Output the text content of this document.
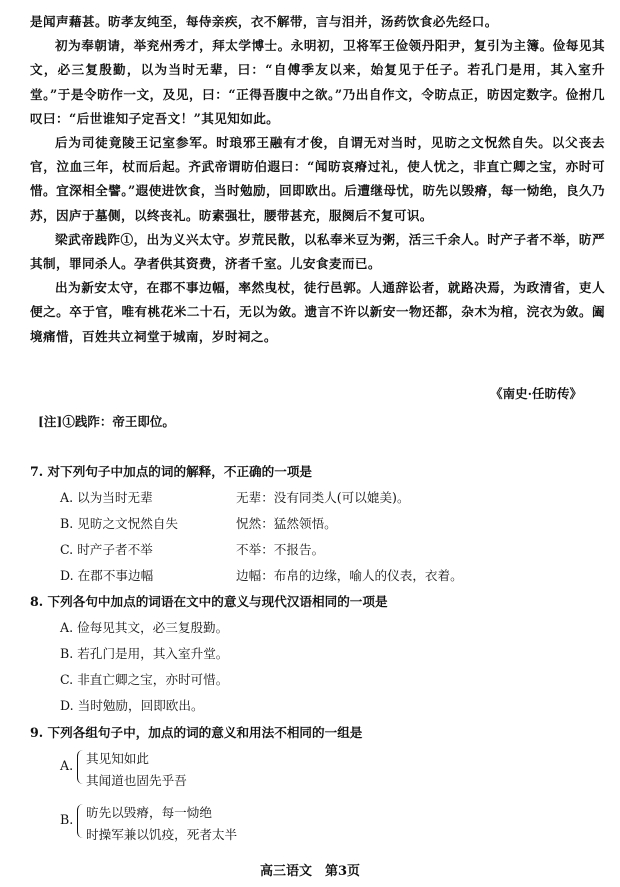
是闻声藉甚。昉孝友纯至，每侍亲疾，衣不解带，言与泪并，汤药饮食必先经口。

初为奉朝请，举兖州秀才，拜太学博士。永明初，卫将军王俭领丹阳尹，复引为主簿。俭每见其文，必三复殷勤，以为当时无辈，曰：“自傅季友以来，始复见于任子。若孔门是用，其入室升堂。”于是令昉作一文，及见，曰：“正得吾腹中之欲。”乃出自作文，令昉点正，昉因定数字。俭拊几叹曰：“后世谁知子定吾文！”其见知如此。

后为司徒竟陵王记室参军。时琅邪王融有才俊，自谓无对当时，见昉之文怳然自失。以父丧去官，泣血三年，杖而后起。齐武帝谓昉伯遐曰：“闻昉哀瘠过礼，使人忧之，非直亡卿之宝，亦时可惜。宜深相全譬。”遐使进饮食，当时勉励，回即欧出。后遭继母忧，昉先以毁瘠，每一恸绝，良久乃苏，因庐于墓侧，以终丧礼。昉素强壮，腰带甚充，服阕后不复可识。

梁武帝践阼①，出为义兴太守。岁荒民散，以私奉米豆为粥，活三千余人。时产子者不举，昉严其制，罪同杀人。孕者供其资费，济者千室。儿安食麦而已。

出为新安太守，在郡不事边幅，率然曳杖，徒行邑郭。人通辞讼者，就路决焉，为政清省，吏人便之。卒于官，唯有桃花米二十石，无以为敛。遗言不许以新安一物还都，杂木为棺，浣衣为敛。阖境痛惜，百姓共立祠堂于城南，岁时祠之。

《南史·任昉传》
[注]①践阼：帝王即位。
7. 对下列句子中加点的词的解释，不正确的一项是
A. 以为当时无辈	无辈：没有同类人(可以媲美)。
B. 见昉之文怳然自失	怳然：猛然领悟。
C. 时产子者不举	不举：不报告。
D. 在郡不事边幅	边幅：布帛的边缘，喻人的仪表，衣着。
8. 下列各句中加点的词语在文中的意义与现代汉语相同的一项是
A. 俭每见其文，必三复殷勤。
B. 若孔门是用，其入室升堂。
C. 非直亡卿之宝，亦时可惜。
D. 当时勉励，回即欧出。
9. 下列各组句子中，加点的词的意义和用法不相同的一组是
A. 其见知如此
其闻道也固先乎吾
B. 昉先以毁瘠，每一恸绝
时操军兼以饥疫，死者太半
高三语文　第3页
